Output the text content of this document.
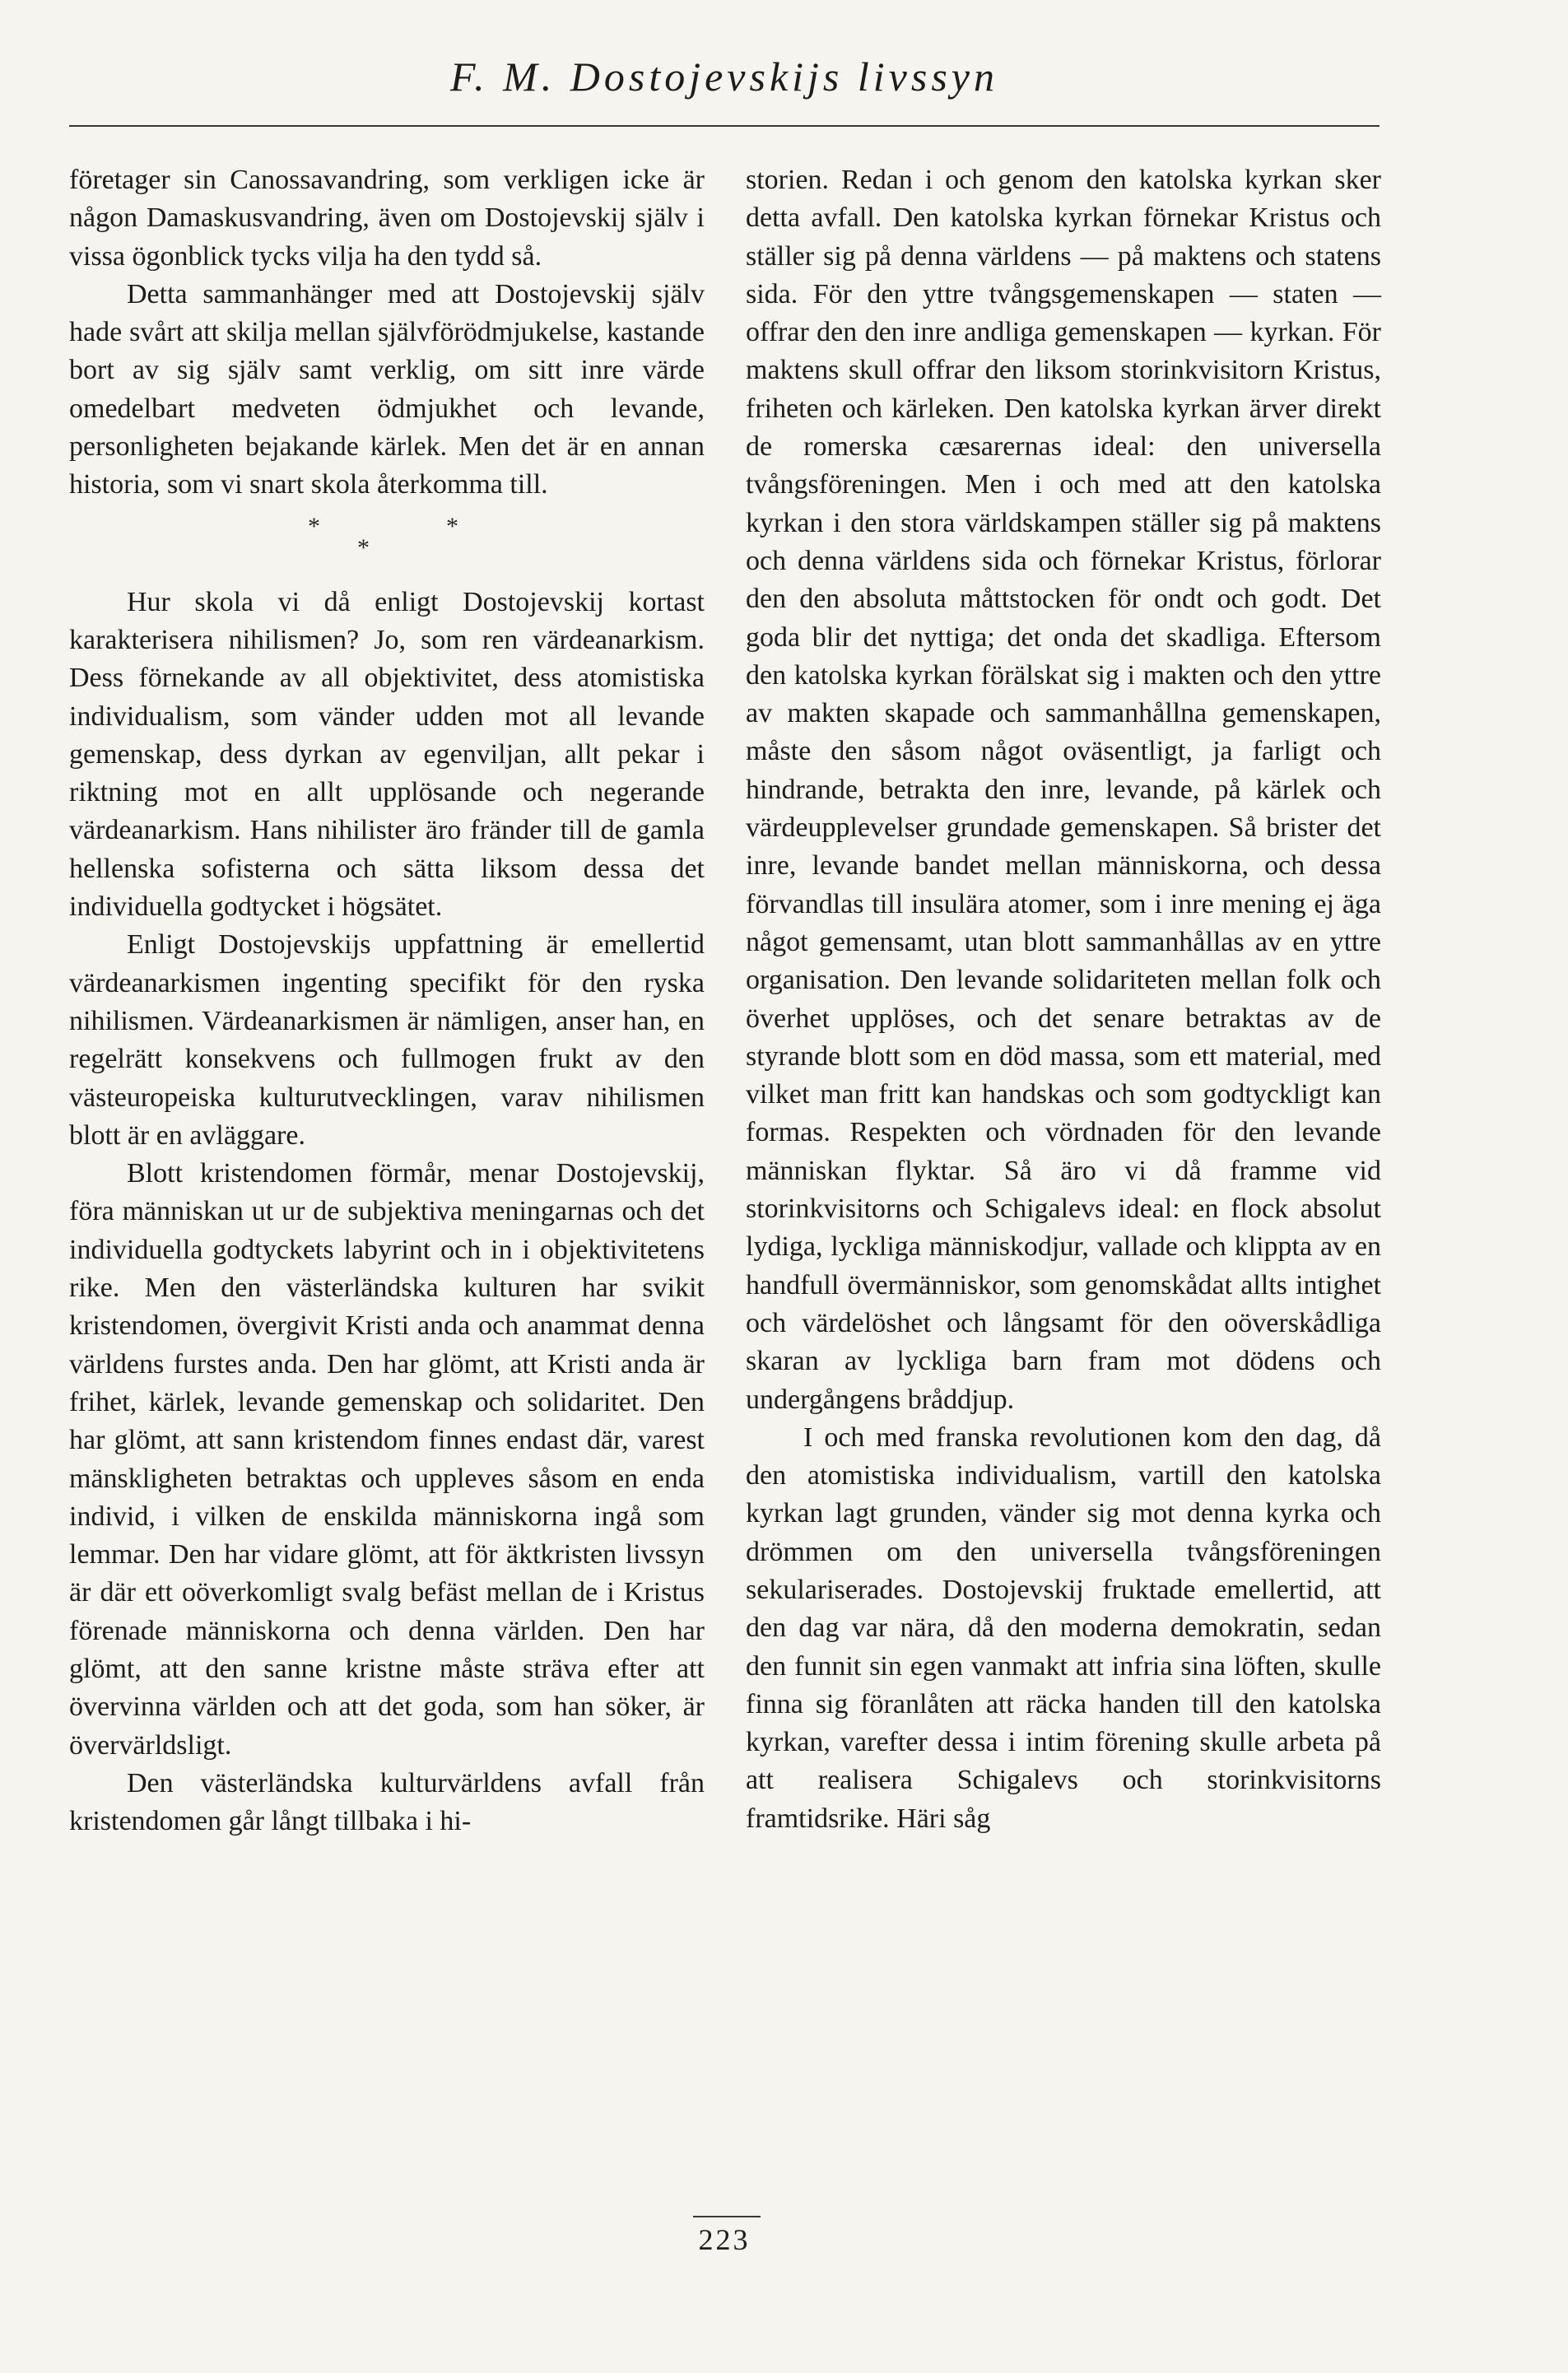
F. M. Dostojevskijs livssyn

företager sin Canossavandring, som verkligen icke är någon Damaskusvandring, även om Dostojevskij själv i vissa ögonblick tycks vilja ha den tydd så.

Detta sammanhänger med att Dostojevskij själv hade svårt att skilja mellan självförödmjukelse, kastande bort av sig själv samt verklig, om sitt inre värde omedelbart medveten ödmjukhet och levande, personligheten bejakande kärlek. Men det är en annan historia, som vi snart skola återkomma till.

*
*
*

Hur skola vi då enligt Dostojevskij kortast karakterisera nihilismen? Jo, som ren värdeanarkism. Dess förnekande av all objektivitet, dess atomistiska individualism, som vänder udden mot all levande gemenskap, dess dyrkan av egenviljan, allt pekar i riktning mot en allt upplösande och negerande värdeanarkism. Hans nihilister äro fränder till de gamla hellenska sofisterna och sätta liksom dessa det individuella godtycket i högsätet.

Enligt Dostojevskijs uppfattning är emellertid värdeanarkismen ingenting specifikt för den ryska nihilismen. Värdeanarkismen är nämligen, anser han, en regelrätt konsekvens och fullmogen frukt av den västeuropeiska kulturutvecklingen, varav nihilismen blott är en avläggare.

Blott kristendomen förmår, menar Dostojevskij, föra människan ut ur de subjektiva meningarnas och det individuella godtyckets labyrint och in i objektivitetens rike. Men den västerländska kulturen har svikit kristendomen, övergivit Kristi anda och anammat denna världens furstes anda. Den har glömt, att Kristi anda är frihet, kärlek, levande gemenskap och solidaritet. Den har glömt, att sann kristendom finnes endast där, varest mänskligheten betraktas och uppleves såsom en enda individ, i vilken de enskilda människorna ingå som lemmar. Den har vidare glömt, att för äktkristen livssyn är där ett oöverkomligt svalg befäst mellan de i Kristus förenade människorna och denna världen. Den har glömt, att den sanne kristne måste sträva efter att övervinna världen och att det goda, som han söker, är övervärldsligt.

Den västerländska kulturvärldens avfall från kristendomen går långt tillbaka i hi-

storien. Redan i och genom den katolska kyrkan sker detta avfall. Den katolska kyrkan förnekar Kristus och ställer sig på denna världens — på maktens och statens sida. För den yttre tvångsgemenskapen — staten — offrar den den inre andliga gemenskapen — kyrkan. För maktens skull offrar den liksom storinkvisitorn Kristus, friheten och kärleken. Den katolska kyrkan ärver direkt de romerska cæsarernas ideal: den universella tvångsföreningen. Men i och med att den katolska kyrkan i den stora världskampen ställer sig på maktens och denna världens sida och förnekar Kristus, förlorar den den absoluta måttstocken för ondt och godt. Det goda blir det nyttiga; det onda det skadliga. Eftersom den katolska kyrkan förälskat sig i makten och den yttre av makten skapade och sammanhållna gemenskapen, måste den såsom något oväsentligt, ja farligt och hindrande, betrakta den inre, levande, på kärlek och värdeupplevelser grundade gemenskapen. Så brister det inre, levande bandet mellan människorna, och dessa förvandlas till insulära atomer, som i inre mening ej äga något gemensamt, utan blott sammanhållas av en yttre organisation. Den levande solidariteten mellan folk och överhet upplöses, och det senare betraktas av de styrande blott som en död massa, som ett material, med vilket man fritt kan handskas och som godtyckligt kan formas. Respekten och vördnaden för den levande människan flyktar. Så äro vi då framme vid storinkvisitorns och Schigalevs ideal: en flock absolut lydiga, lyckliga människodjur, vallade och klippta av en handfull övermänniskor, som genomskådat allts intighet och värdelöshet och långsamt för den oöverskådliga skaran av lyckliga barn fram mot dödens och undergångens bråddjup.

I och med franska revolutionen kom den dag, då den atomistiska individualism, vartill den katolska kyrkan lagt grunden, vänder sig mot denna kyrka och drömmen om den universella tvångsföreningen sekulariserades. Dostojevskij fruktade emellertid, att den dag var nära, då den moderna demokratin, sedan den funnit sin egen vanmakt att infria sina löften, skulle finna sig föranlåten att räcka handen till den katolska kyrkan, varefter dessa i intim förening skulle arbeta på att realisera Schigalevs och storinkvisitorns framtidsrike. Häri såg

223
